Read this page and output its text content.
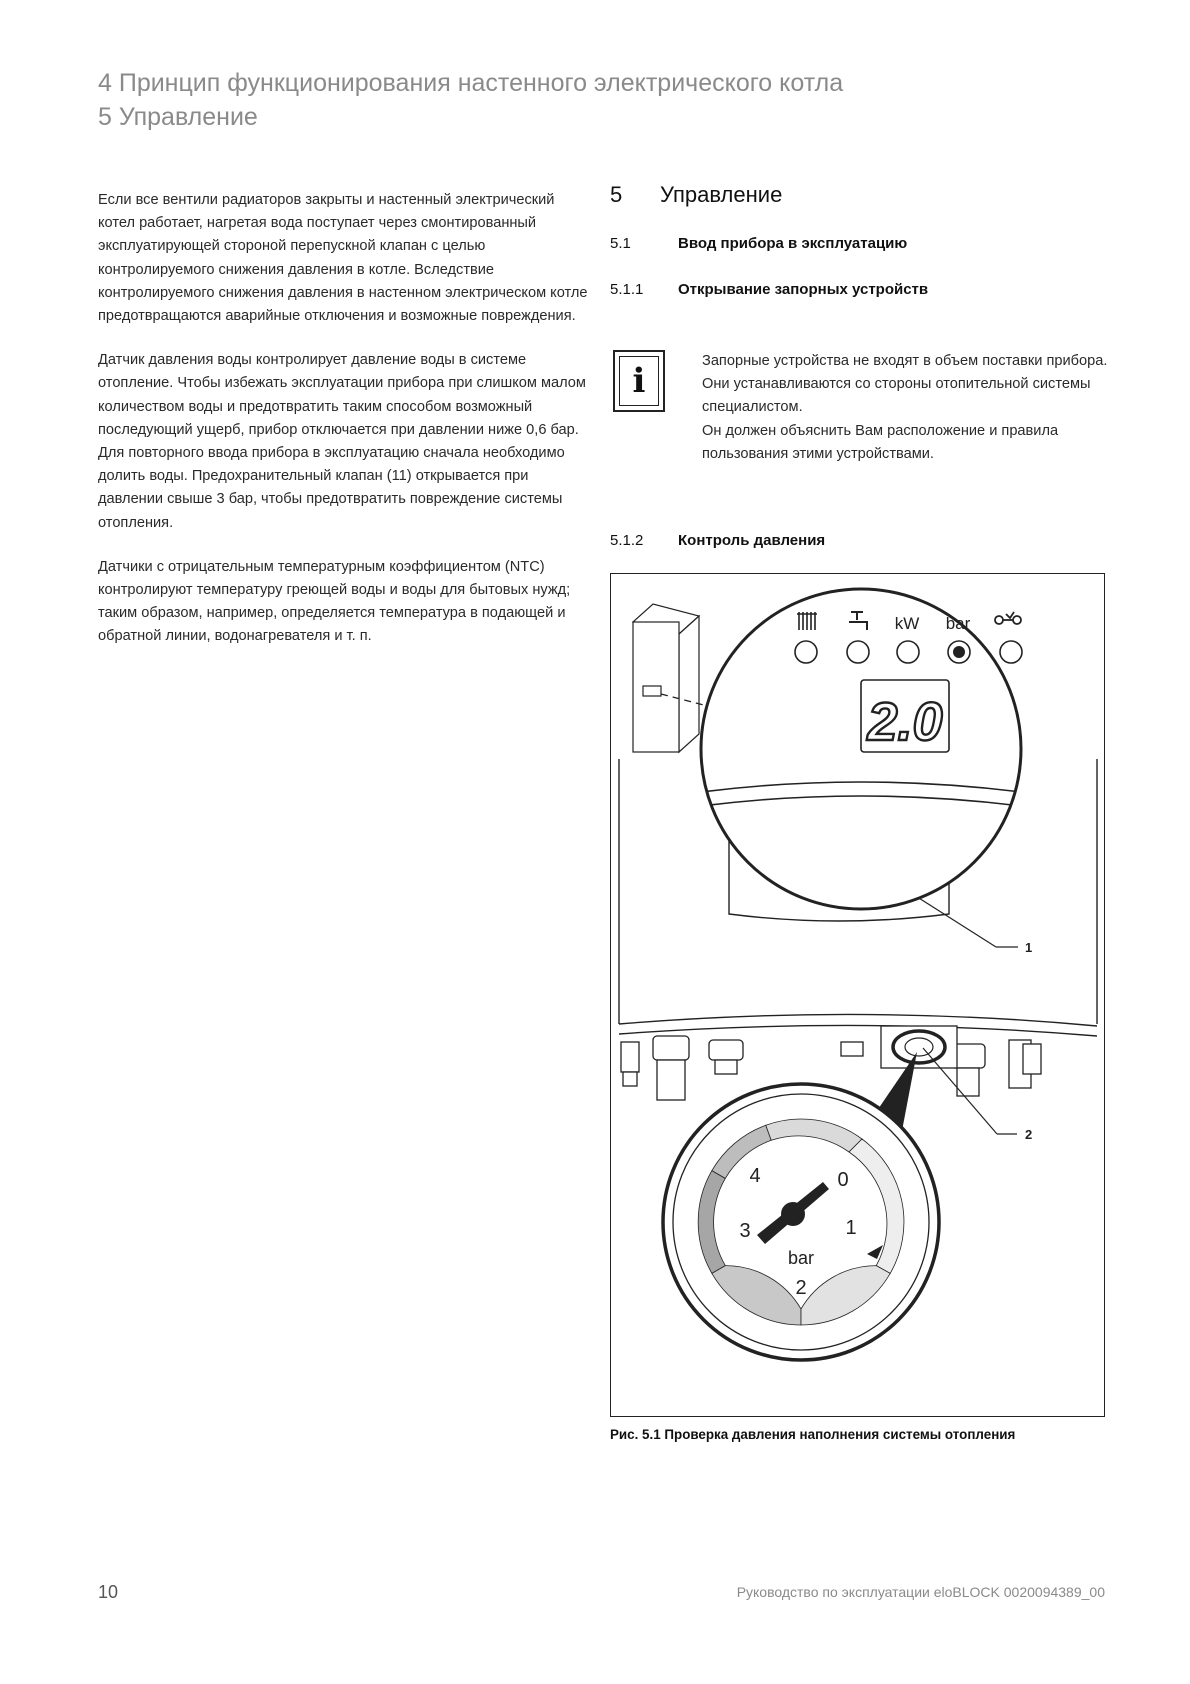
4 Принцип функционирования настенного электрического котла
5 Управление

Если все вентили радиаторов закрыты и настенный электрический котел работает, нагретая вода поступает через смонтированный эксплуатирующей стороной перепускной клапан с целью контролируемого снижения давления в котле. Вследствие контролируемого снижения давления в настенном электрическом котле предотвращаются аварийные отключения и возможные повреждения.

Датчик давления воды контролирует давление воды в системе отопление. Чтобы избежать эксплуатации прибора при слишком малом количеством воды и предотвратить таким способом возможный последующий ущерб, прибор отключается при давлении ниже 0,6 бар. Для повторного ввода прибора в эксплуатацию сначала необходимо долить воды. Предохранительный клапан (11) открывается при давлении свыше 3 бар, чтобы предотвратить повреждение системы отопления.

Датчики с отрицательным температурным коэффициентом (NTC) контролируют температуру греющей воды и воды для бытовых нужд; таким образом, например, определяется температура в подающей и обратной линии, водонагревателя и т. п.

5 Управление
5.1	Ввод прибора в эксплуатацию
5.1.1 Открывание запорных устройств
i	Запорные устройства не входят в объем поставки прибора. Они устанавливаются со стороны отопительной системы специалистом.

Он должен объяснить Вам расположение и правила пользования этими устройствами.

5.1.2 Контроль давления
1
kW bar
2.0
2
0
1
2
3
4
bar
Рис. 5.1 Проверка давления наполнения системы отопления
10	Руководство по эксплуатации eloBLOCK 0020094389_00
